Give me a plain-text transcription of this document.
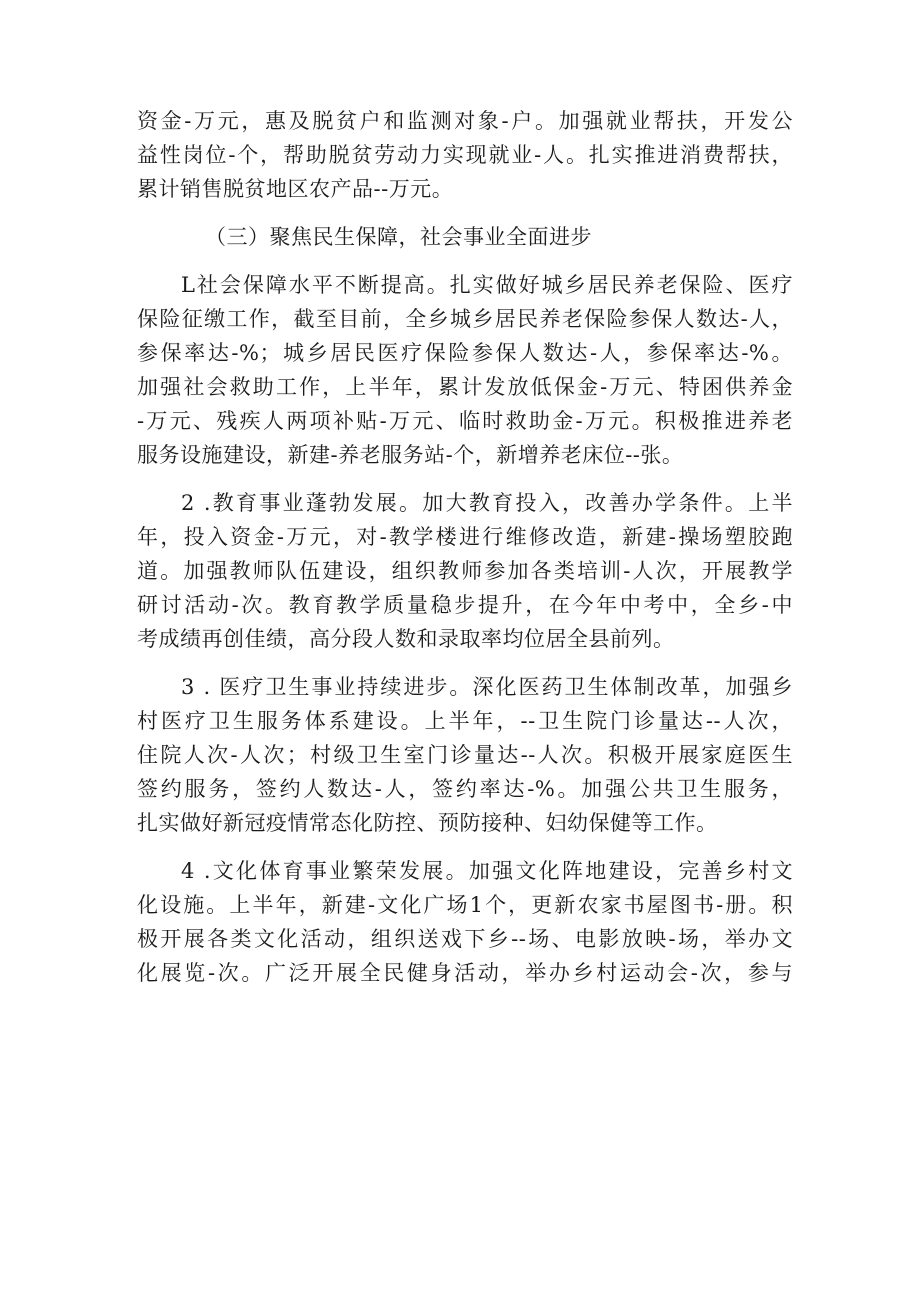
资金-万元，惠及脱贫户和监测对象-户。加强就业帮扶，开发公
益性岗位-个，帮助脱贫劳动力实现就业-人。扎实推进消费帮扶，
累计销售脱贫地区农产品--万元。
（三）聚焦民生保障，社会事业全面进步
L社会保障水平不断提高。扎实做好城乡居民养老保险、医疗
保险征缴工作，截至目前，全乡城乡居民养老保险参保人数达-人，
参保率达-%；城乡居民医疗保险参保人数达-人，参保率达-%。
加强社会救助工作，上半年，累计发放低保金-万元、特困供养金
-万元、残疾人两项补贴-万元、临时救助金-万元。积极推进养老
服务设施建设，新建-养老服务站-个，新增养老床位--张。
2 .教育事业蓬勃发展。加大教育投入，改善办学条件。上半
年，投入资金-万元，对-教学楼进行维修改造，新建-操场塑胶跑
道。加强教师队伍建设，组织教师参加各类培训-人次，开展教学
研讨活动-次。教育教学质量稳步提升，在今年中考中，全乡-中
考成绩再创佳绩，高分段人数和录取率均位居全县前列。
3 . 医疗卫生事业持续进步。深化医药卫生体制改革，加强乡
村医疗卫生服务体系建设。上半年，--卫生院门诊量达--人次，
住院人次-人次；村级卫生室门诊量达--人次。积极开展家庭医生
签约服务，签约人数达-人，签约率达-%。加强公共卫生服务，
扎实做好新冠疫情常态化防控、预防接种、妇幼保健等工作。
4 .文化体育事业繁荣发展。加强文化阵地建设，完善乡村文
化设施。上半年，新建-文化广场1个，更新农家书屋图书-册。积
极开展各类文化活动，组织送戏下乡--场、电影放映-场，举办文
化展览-次。广泛开展全民健身活动，举办乡村运动会-次，参与
